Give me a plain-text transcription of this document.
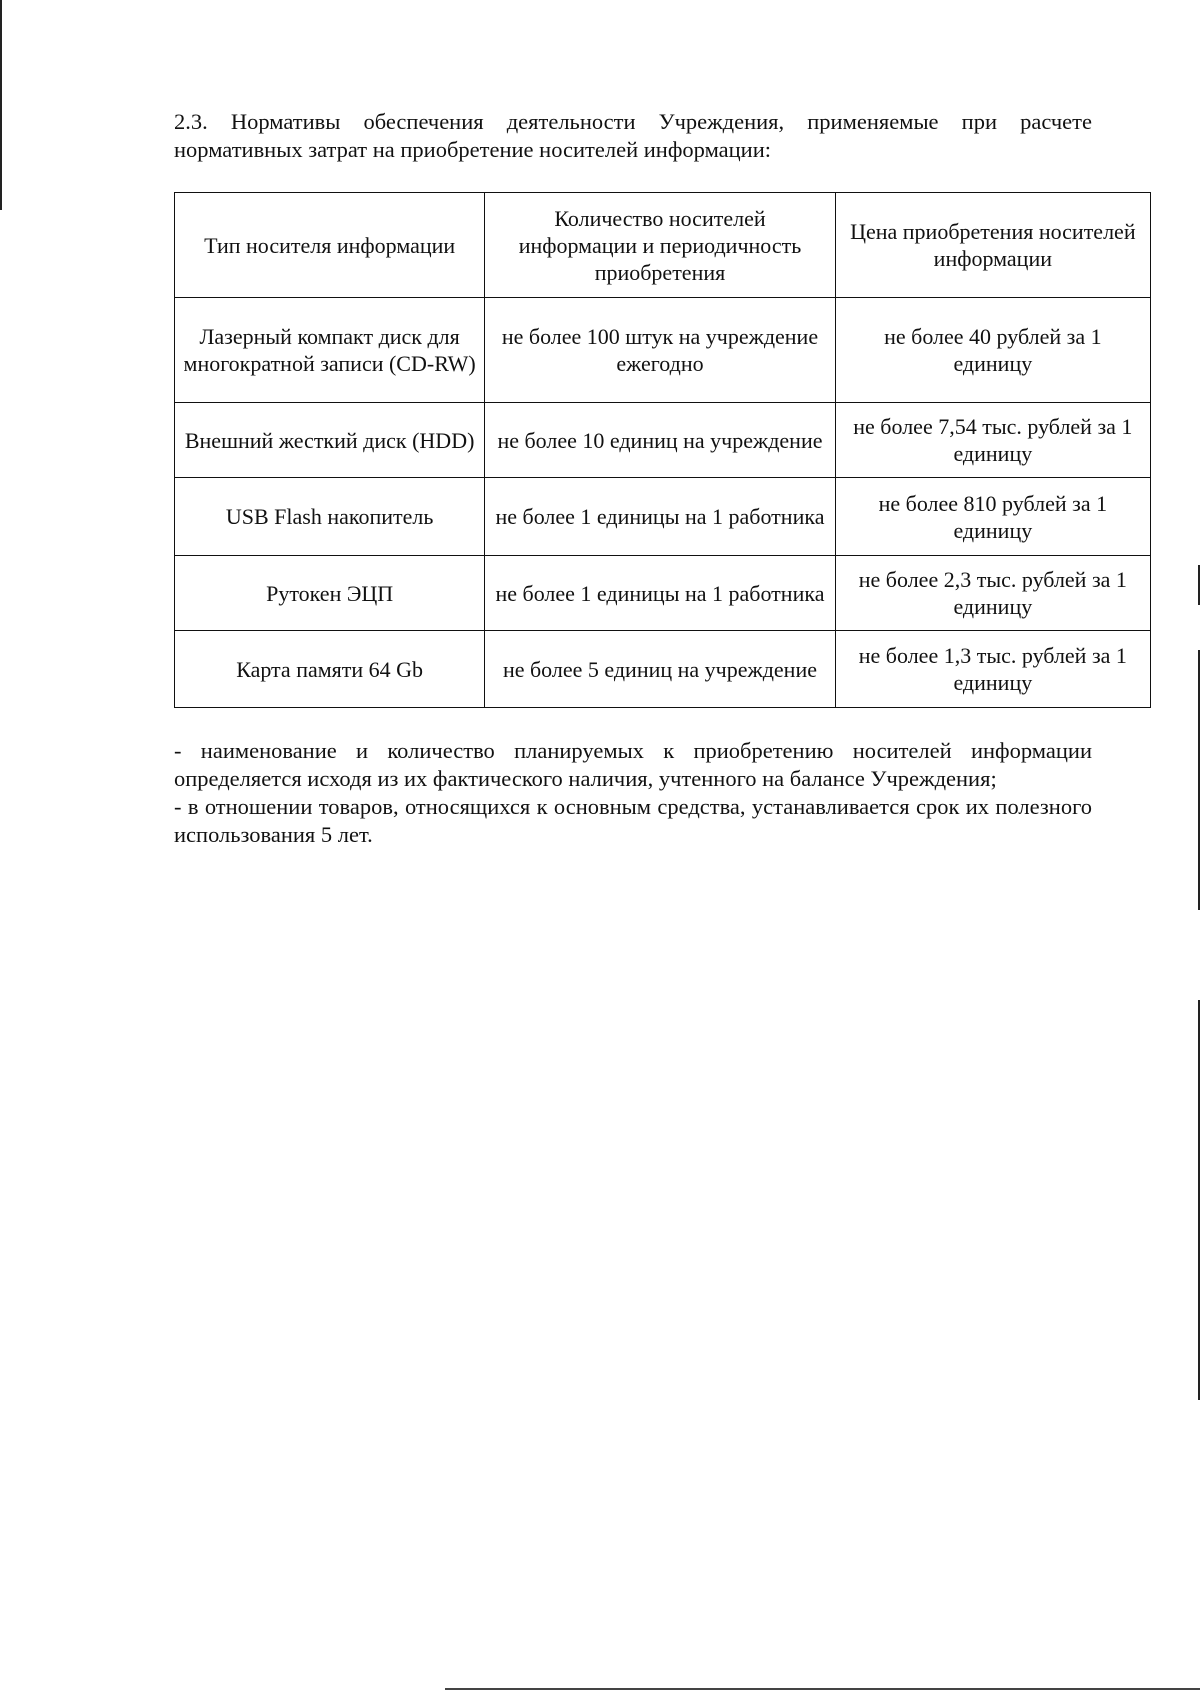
2.3. Нормативы обеспечения деятельности Учреждения, применяемые при расчете нормативных затрат на приобретение носителей информации:
Тип носителя информации	Количество носителей информации и периодичность приобретения	Цена приобретения носителей информации
Лазерный компакт диск для многократной записи (CD-RW)	не более 100 штук на учреждение ежегодно	не более 40 рублей за 1 единицу
Внешний жесткий диск (HDD)	не более 10 единиц на учреждение	не более 7,54 тыс. рублей за 1 единицу
USB Flash накопитель	не более 1 единицы на 1 работника	не более 810 рублей за 1 единицу
Рутокен ЭЦП	не более 1 единицы на 1 работника	не более 2,3 тыс. рублей за 1 единицу
Карта памяти 64 Gb	не более 5 единиц на учреждение	не более 1,3 тыс. рублей за 1 единицу

- наименование и количество планируемых к приобретению носителей информации определяется исходя из их фактического наличия, учтенного на балансе Учреждения;

- в отношении товаров, относящихся к основным средства, устанавливается срок их полезного использования 5 лет.
